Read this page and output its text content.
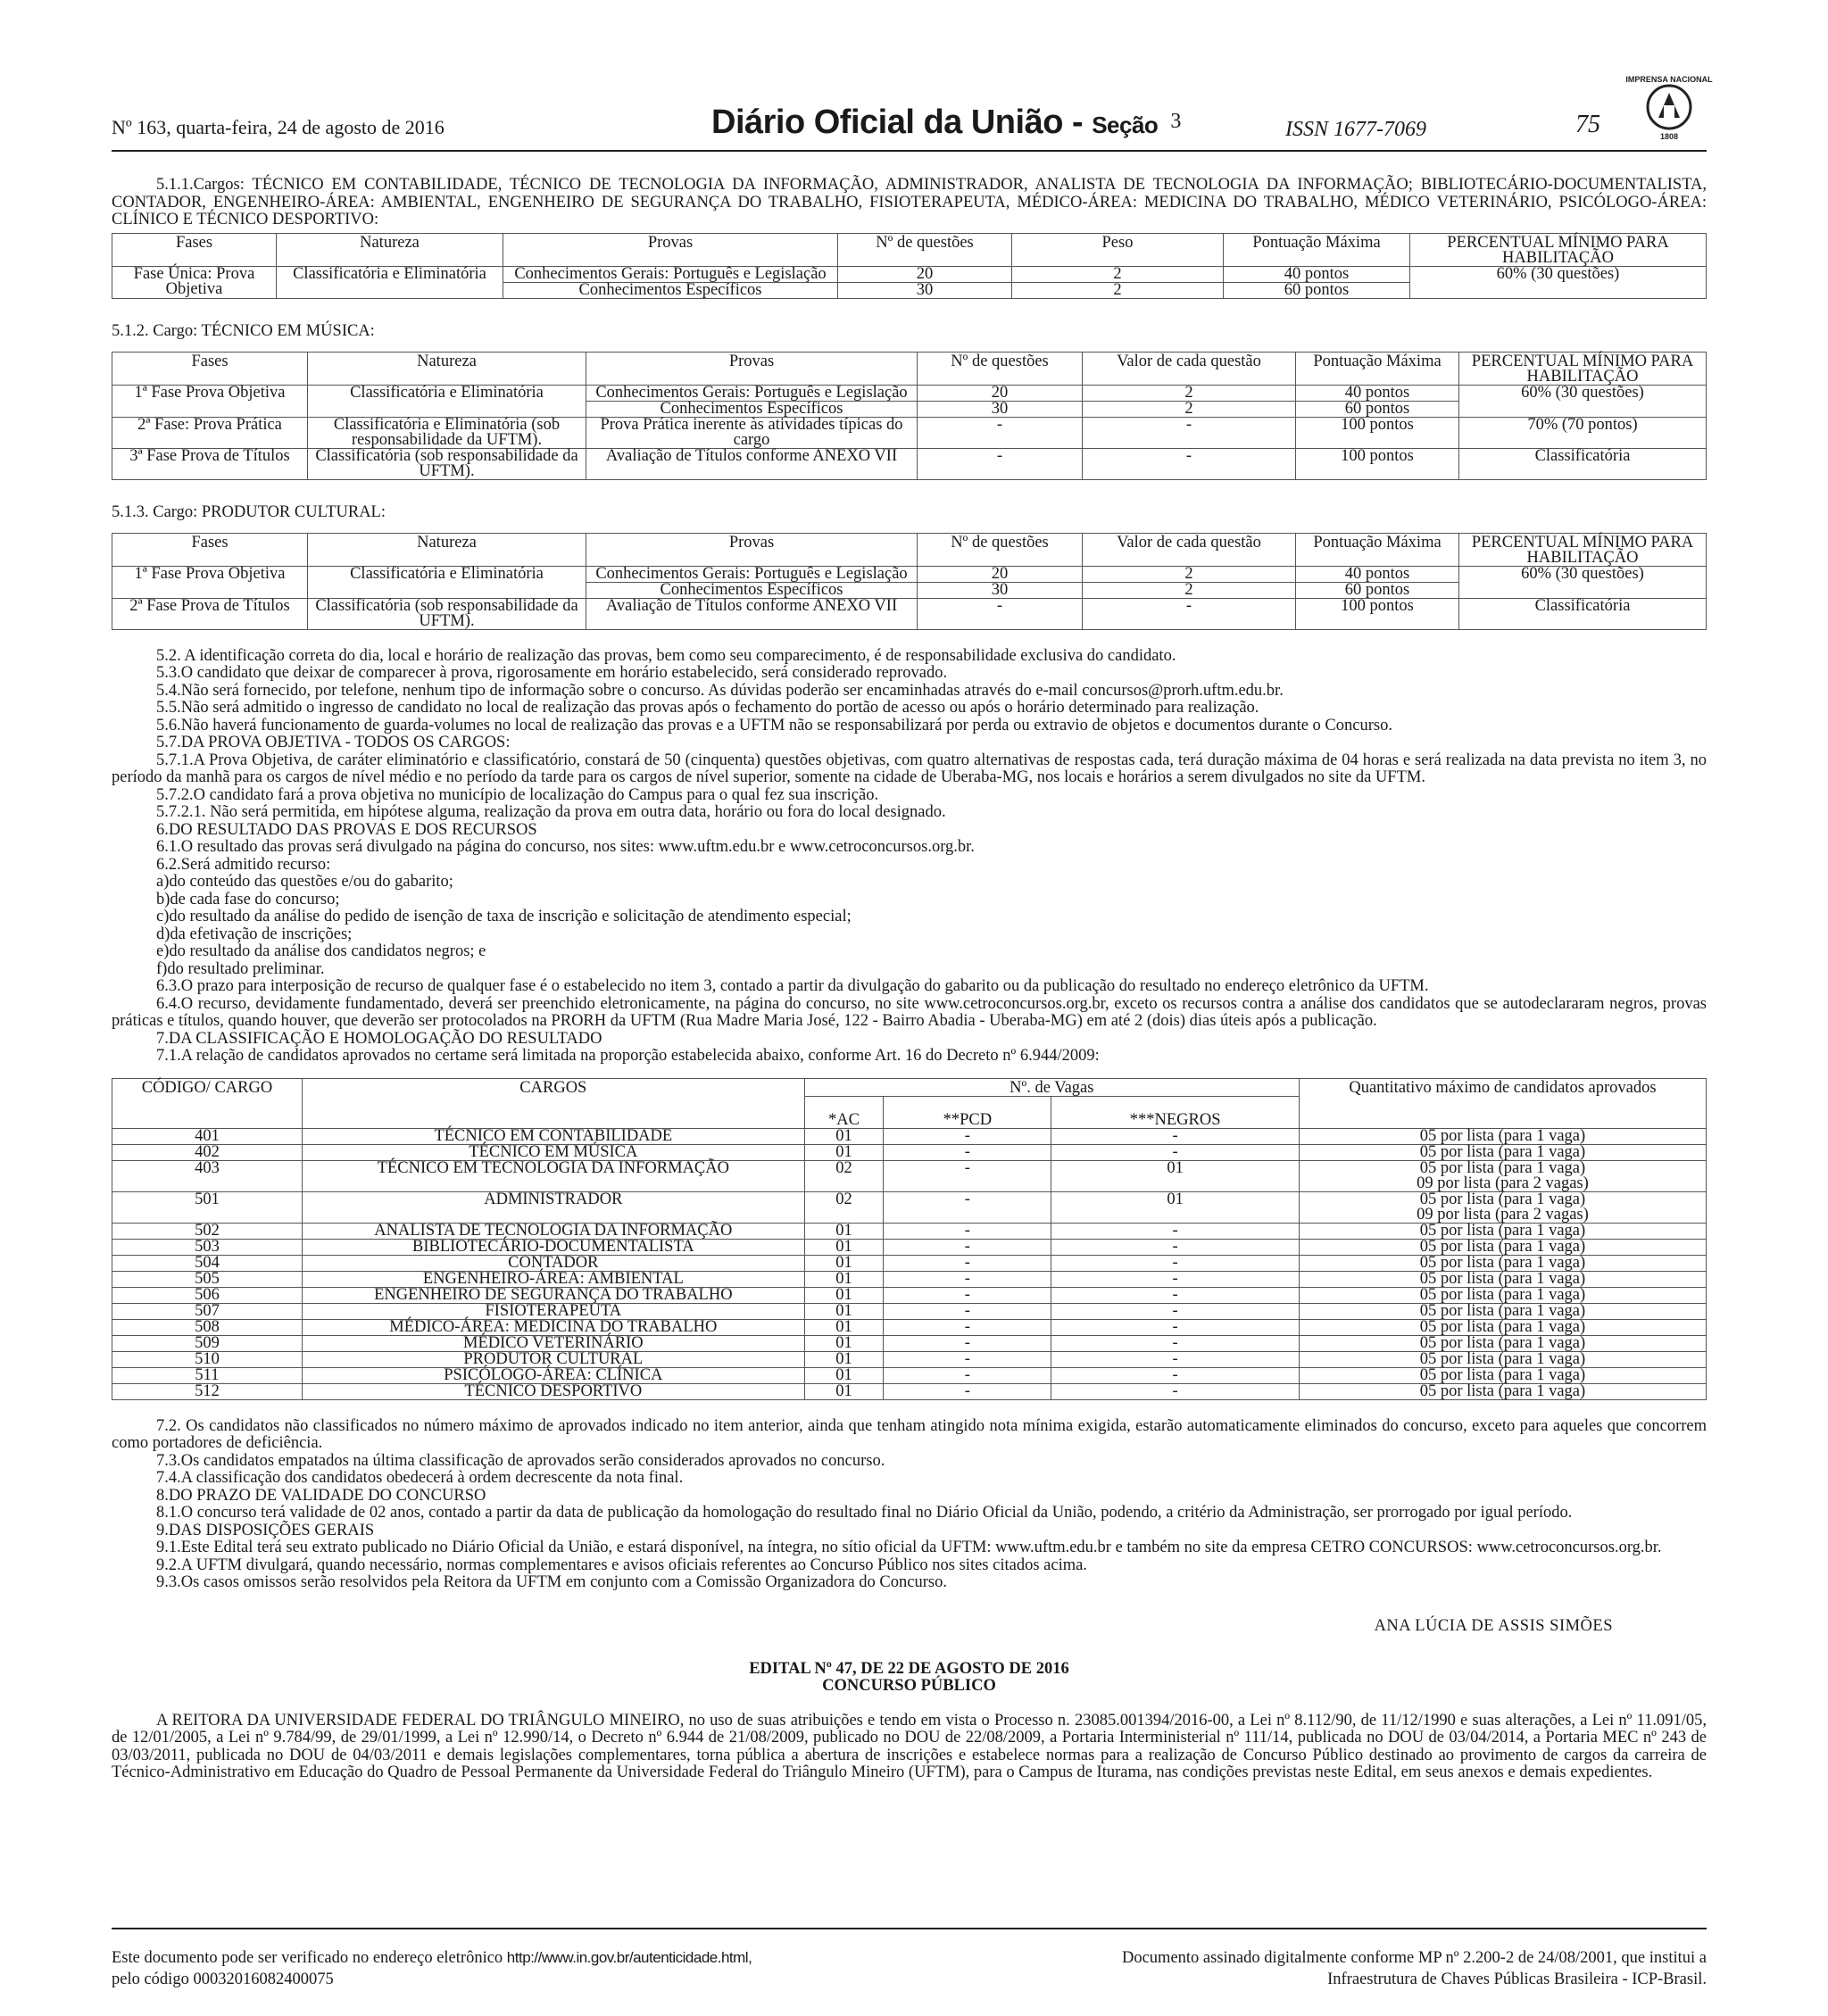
Nº 163, quarta-feira, 24 de agosto de 2016	Diário Oficial da União - Seção 3	ISSN 1677-7069	75
IMPRENSA NACIONAL
1808

5.1.1.Cargos: TÉCNICO EM CONTABILIDADE, TÉCNICO DE TECNOLOGIA DA INFORMAÇÃO, ADMINISTRADOR, ANALISTA DE TECNOLOGIA DA INFORMAÇÃO; BIBLIOTECÁRIO-DOCUMENTALISTA, CONTADOR, ENGENHEIRO-ÁREA: AMBIENTAL, ENGENHEIRO DE SEGURANÇA DO TRABALHO, FISIOTERAPEUTA, MÉDICO-ÁREA: MEDICINA DO TRABALHO, MÉDICO VETERINÁRIO, PSICÓLOGO-ÁREA: CLÍNICO E TÉCNICO DESPORTIVO:

Fases	Natureza	Provas	Nº de questões	Peso	Pontuação Máxima	PERCENTUAL MÍNIMO PARA HABILITAÇÃO
Fase Única: Prova Objetiva	Classificatória e Eliminatória	Conhecimentos Gerais: Português e Legislação	20	2	40 pontos	60% (30 questões)
		Conhecimentos Específicos	30	2	60 pontos	
5.1.2. Cargo: TÉCNICO EM MÚSICA:
Fases	Natureza	Provas	Nº de questões	Valor de cada questão	Pontuação Máxima	PERCENTUAL MÍNIMO PARA HABILITAÇÃO
1ª Fase Prova Objetiva	Classificatória e Eliminatória	Conhecimentos Gerais: Português e Legislação	20	2	40 pontos	60% (30 questões)
		Conhecimentos Específicos	30	2	60 pontos	
2ª Fase: Prova Prática	Classificatória e Eliminatória (sob responsabilidade da UFTM).	Prova Prática inerente às atividades típicas do cargo	-	-	100 pontos	70% (70 pontos)
3ª Fase Prova de Títulos	Classificatória (sob responsabilidade da UFTM).	Avaliação de Títulos conforme ANEXO VII	-	-	100 pontos	Classificatória
5.1.3. Cargo: PRODUTOR CULTURAL:
Fases	Natureza	Provas	Nº de questões	Valor de cada questão	Pontuação Máxima	PERCENTUAL MÍNIMO PARA HABILITAÇÃO
1ª Fase Prova Objetiva	Classificatória e Eliminatória	Conhecimentos Gerais: Português e Legislação	20	2	40 pontos	60% (30 questões)
		Conhecimentos Específicos	30	2	60 pontos	
2ª Fase Prova de Títulos	Classificatória (sob responsabilidade da UFTM).	Avaliação de Títulos conforme ANEXO VII	-	-	100 pontos	Classificatória

5.2. A identificação correta do dia, local e horário de realização das provas, bem como seu comparecimento, é de responsabilidade exclusiva do candidato.

5.3.O candidato que deixar de comparecer à prova, rigorosamente em horário estabelecido, será considerado reprovado.

5.4.Não será fornecido, por telefone, nenhum tipo de informação sobre o concurso. As dúvidas poderão ser encaminhadas através do e-mail concursos@prorh.uftm.edu.br.

5.5.Não será admitido o ingresso de candidato no local de realização das provas após o fechamento do portão de acesso ou após o horário determinado para realização.

5.6.Não haverá funcionamento de guarda-volumes no local de realização das provas e a UFTM não se responsabilizará por perda ou extravio de objetos e documentos durante o Concurso.

5.7.DA PROVA OBJETIVA - TODOS OS CARGOS:

5.7.1.A Prova Objetiva, de caráter eliminatório e classificatório, constará de 50 (cinquenta) questões objetivas, com quatro alternativas de respostas cada, terá duração máxima de 04 horas e será realizada na data prevista no item 3, no período da manhã para os cargos de nível médio e no período da tarde para os cargos de nível superior, somente na cidade de Uberaba-MG, nos locais e horários a serem divulgados no site da UFTM.

5.7.2.O candidato fará a prova objetiva no município de localização do Campus para o qual fez sua inscrição.

5.7.2.1. Não será permitida, em hipótese alguma, realização da prova em outra data, horário ou fora do local designado.

6.DO RESULTADO DAS PROVAS E DOS RECURSOS

6.1.O resultado das provas será divulgado na página do concurso, nos sites: www.uftm.edu.br e www.cetroconcursos.org.br.

6.2.Será admitido recurso:

a)do conteúdo das questões e/ou do gabarito;

b)de cada fase do concurso;

c)do resultado da análise do pedido de isenção de taxa de inscrição e solicitação de atendimento especial;

d)da efetivação de inscrições;

e)do resultado da análise dos candidatos negros; e

f)do resultado preliminar.

6.3.O prazo para interposição de recurso de qualquer fase é o estabelecido no item 3, contado a partir da divulgação do gabarito ou da publicação do resultado no endereço eletrônico da UFTM.

6.4.O recurso, devidamente fundamentado, deverá ser preenchido eletronicamente, na página do concurso, no site www.cetroconcursos.org.br, exceto os recursos contra a análise dos candidatos que se autodeclararam negros, provas práticas e títulos, quando houver, que deverão ser protocolados na PRORH da UFTM (Rua Madre Maria José, 122 - Bairro Abadia - Uberaba-MG) em até 2 (dois) dias úteis após a publicação.

7.DA CLASSIFICAÇÃO E HOMOLOGAÇÃO DO RESULTADO

7.1.A relação de candidatos aprovados no certame será limitada na proporção estabelecida abaixo, conforme Art. 16 do Decreto nº 6.944/2009:

CÓDIGO/ CARGO	CARGOS	Nº. de Vagas			Quantitativo máximo de candidatos aprovados
		*AC	**PCD	***NEGROS	
401	TÉCNICO EM CONTABILIDADE	01	-	-	05 por lista (para 1 vaga)

402	TÉCNICO EM MÚSICA	01	-	-	05 por lista (para 1 vaga)

403	TÉCNICO EM TECNOLOGIA DA INFORMAÇÃO	02	-	01	05 por lista (para 1 vaga)
09 por lista (para 2 vagas)

501	ADMINISTRADOR	02	-	01	05 por lista (para 1 vaga)
09 por lista (para 2 vagas)

502	ANALISTA DE TECNOLOGIA DA INFORMAÇÃO	01	-	-	05 por lista (para 1 vaga)

503	BIBLIOTECÁRIO-DOCUMENTALISTA	01	-	-	05 por lista (para 1 vaga)

504	CONTADOR	01	-	-	05 por lista (para 1 vaga)

505	ENGENHEIRO-ÁREA: AMBIENTAL	01	-	-	05 por lista (para 1 vaga)

506	ENGENHEIRO DE SEGURANÇA DO TRABALHO	01	-	-	05 por lista (para 1 vaga)

507	FISIOTERAPEUTA	01	-	-	05 por lista (para 1 vaga)

508	MÉDICO-ÁREA: MEDICINA DO TRABALHO	01	-	-	05 por lista (para 1 vaga)

509	MÉDICO VETERINÁRIO	01	-	-	05 por lista (para 1 vaga)

510	PRODUTOR CULTURAL	01	-	-	05 por lista (para 1 vaga)

511	PSICÓLOGO-ÁREA: CLÍNICA	01	-	-	05 por lista (para 1 vaga)

512	TÉCNICO DESPORTIVO	01	-	-	05 por lista (para 1 vaga)

7.2. Os candidatos não classificados no número máximo de aprovados indicado no item anterior, ainda que tenham atingido nota mínima exigida, estarão automaticamente eliminados do concurso, exceto para aqueles que concorrem como portadores de deficiência.

7.3.Os candidatos empatados na última classificação de aprovados serão considerados aprovados no concurso.

7.4.A classificação dos candidatos obedecerá à ordem decrescente da nota final.

8.DO PRAZO DE VALIDADE DO CONCURSO

8.1.O concurso terá validade de 02 anos, contado a partir da data de publicação da homologação do resultado final no Diário Oficial da União, podendo, a critério da Administração, ser prorrogado por igual período.

9.DAS DISPOSIÇÕES GERAIS

9.1.Este Edital terá seu extrato publicado no Diário Oficial da União, e estará disponível, na íntegra, no sítio oficial da UFTM: www.uftm.edu.br e também no site da empresa CETRO CONCURSOS: www.cetroconcursos.org.br.

9.2.A UFTM divulgará, quando necessário, normas complementares e avisos oficiais referentes ao Concurso Público nos sites citados acima.

9.3.Os casos omissos serão resolvidos pela Reitora da UFTM em conjunto com a Comissão Organizadora do Concurso.

ANA LÚCIA DE ASSIS SIMÕES
EDITAL Nº 47, DE 22 DE AGOSTO DE 2016
CONCURSO PÚBLICO

A REITORA DA UNIVERSIDADE FEDERAL DO TRIÂNGULO MINEIRO, no uso de suas atribuições e tendo em vista o Processo n. 23085.001394/2016-00, a Lei nº 8.112/90, de 11/12/1990 e suas alterações, a Lei nº 11.091/05, de 12/01/2005, a Lei nº 9.784/99, de 29/01/1999, a Lei nº 12.990/14, o Decreto nº 6.944 de 21/08/2009, publicado no DOU de 22/08/2009, a Portaria Interministerial nº 111/14, publicada no DOU de 03/04/2014, a Portaria MEC nº 243 de 03/03/2011, publicada no DOU de 04/03/2011 e demais legislações complementares, torna pública a abertura de inscrições e estabelece normas para a realização de Concurso Público destinado ao provimento de cargos da carreira de Técnico-Administrativo em Educação do Quadro de Pessoal Permanente da Universidade Federal do Triângulo Mineiro (UFTM), para o Campus de Iturama, nas condições previstas neste Edital, em seus anexos e demais expedientes.

Este documento pode ser verificado no endereço eletrônico http://www.in.gov.br/autenticidade.html,
pelo código 00032016082400075
Documento assinado digitalmente conforme MP nº 2.200-2 de 24/08/2001, que institui a
Infraestrutura de Chaves Públicas Brasileira - ICP-Brasil.
